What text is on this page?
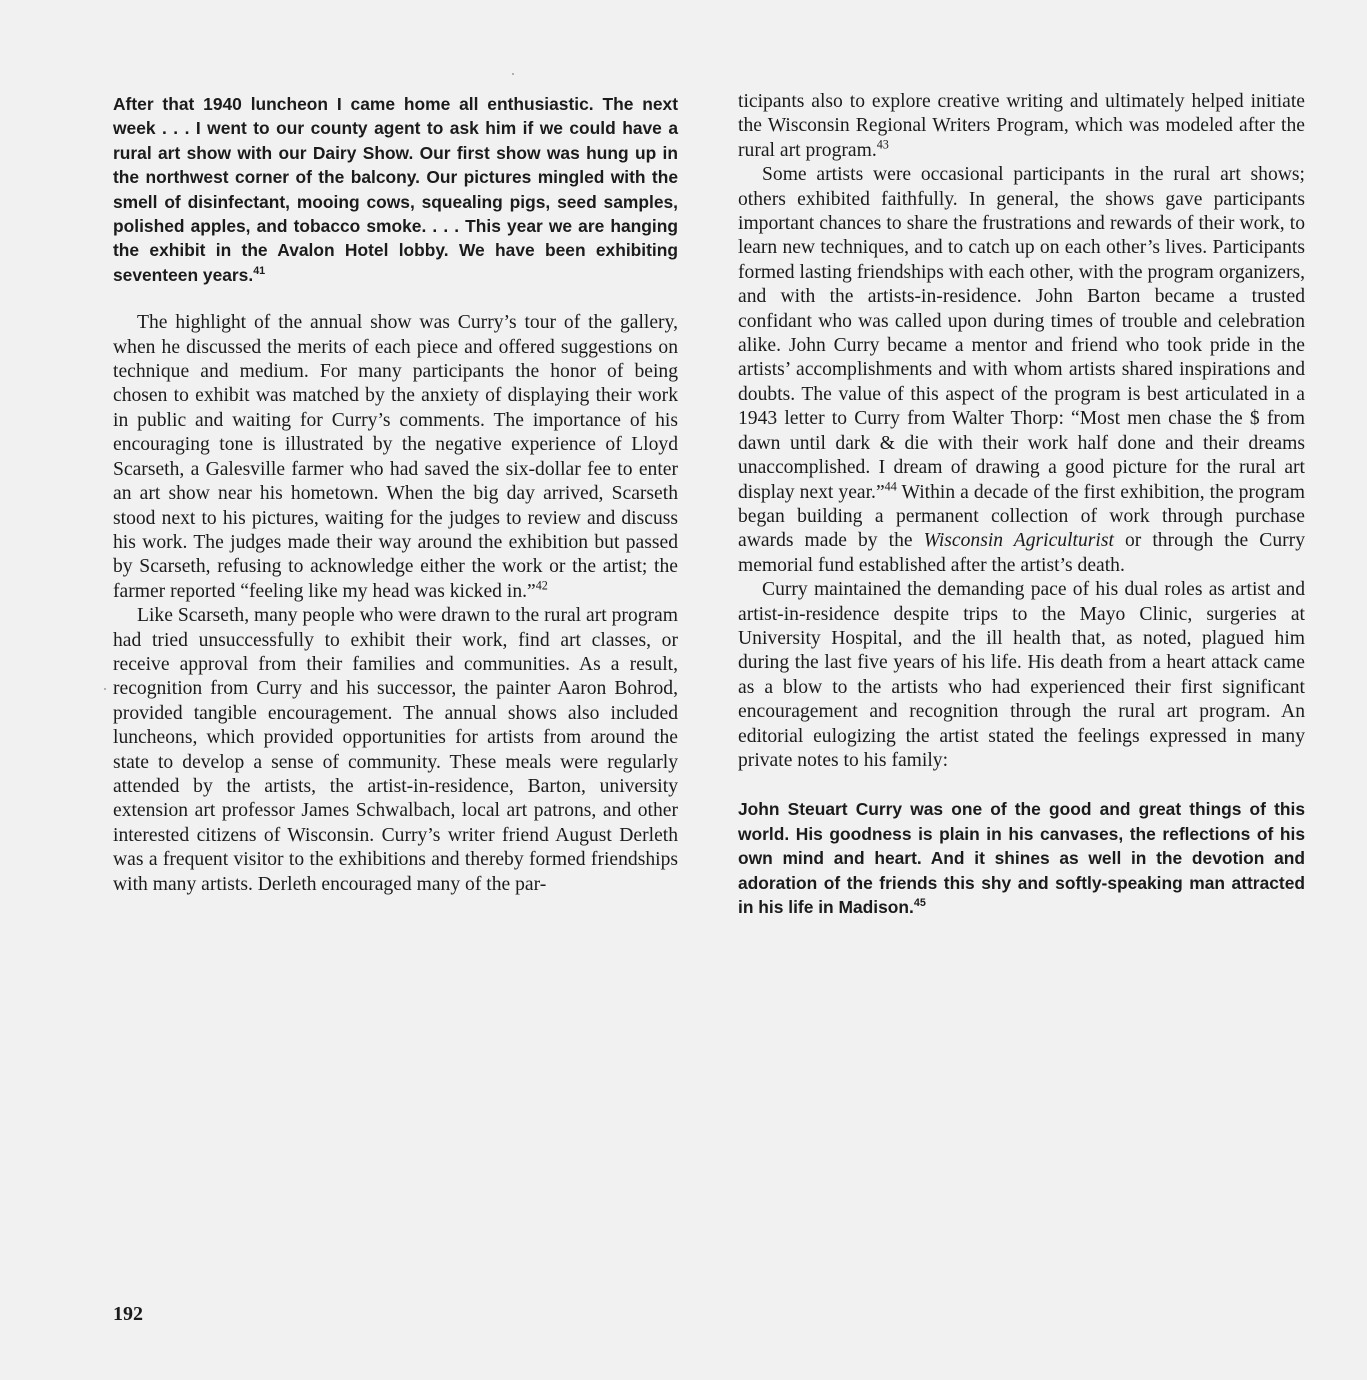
After that 1940 luncheon I came home all enthusiastic. The next week . . . I went to our county agent to ask him if we could have a rural art show with our Dairy Show. Our first show was hung up in the northwest corner of the balcony. Our pictures mingled with the smell of disinfectant, mooing cows, squealing pigs, seed samples, polished apples, and tobacco smoke. . . . This year we are hanging the exhibit in the Avalon Hotel lobby. We have been exhibiting seventeen years.$^{41}$

The highlight of the annual show was Curry’s tour of the gallery, when he discussed the merits of each piece and offered suggestions on technique and medium. For many participants the honor of being chosen to exhibit was matched by the anxiety of displaying their work in public and waiting for Curry’s comments. The importance of his encouraging tone is illustrated by the negative experience of Lloyd Scarseth, a Galesville farmer who had saved the six-dollar fee to enter an art show near his hometown. When the big day arrived, Scarseth stood next to his pictures, waiting for the judges to review and discuss his work. The judges made their way around the exhibition but passed by Scarseth, refusing to acknowledge either the work or the artist; the farmer reported “feeling like my head was kicked in.”$^{42}$

Like Scarseth, many people who were drawn to the rural art program had tried unsuccessfully to exhibit their work, find art classes, or receive approval from their families and communities. As a result, recognition from Curry and his successor, the painter Aaron Bohrod, provided tangible encouragement. The annual shows also included luncheons, which provided opportunities for artists from around the state to develop a sense of community. These meals were regularly attended by the artists, the artist-in-residence, Barton, university extension art professor James Schwalbach, local art patrons, and other interested citizens of Wisconsin. Curry’s writer friend August Derleth was a frequent visitor to the exhibitions and thereby formed friendships with many artists. Derleth encouraged many of the par-

ticipants also to explore creative writing and ultimately helped initiate the Wisconsin Regional Writers Program, which was modeled after the rural art program.$^{43}$

Some artists were occasional participants in the rural art shows; others exhibited faithfully. In general, the shows gave participants important chances to share the frustrations and rewards of their work, to learn new techniques, and to catch up on each other’s lives. Participants formed lasting friendships with each other, with the program organizers, and with the artists-in-residence. John Barton became a trusted confidant who was called upon during times of trouble and celebration alike. John Curry became a mentor and friend who took pride in the artists’ accomplishments and with whom artists shared inspirations and doubts. The value of this aspect of the program is best articulated in a 1943 letter to Curry from Walter Thorp: “Most men chase the $ from dawn until dark & die with their work half done and their dreams unaccomplished. I dream of drawing a good picture for the rural art display next year.”$^{44}$ Within a decade of the first exhibition, the program began building a permanent collection of work through purchase awards made by the Wisconsin Agriculturist or through the Curry memorial fund established after the artist’s death.

Curry maintained the demanding pace of his dual roles as artist and artist-in-residence despite trips to the Mayo Clinic, surgeries at University Hospital, and the ill health that, as noted, plagued him during the last five years of his life. His death from a heart attack came as a blow to the artists who had experienced their first significant encouragement and recognition through the rural art program. An editorial eulogizing the artist stated the feelings expressed in many private notes to his family:

John Steuart Curry was one of the good and great things of this world. His goodness is plain in his canvases, the reflections of his own mind and heart. And it shines as well in the devotion and adoration of the friends this shy and softly-speaking man attracted in his life in Madison.$^{45}$

192
